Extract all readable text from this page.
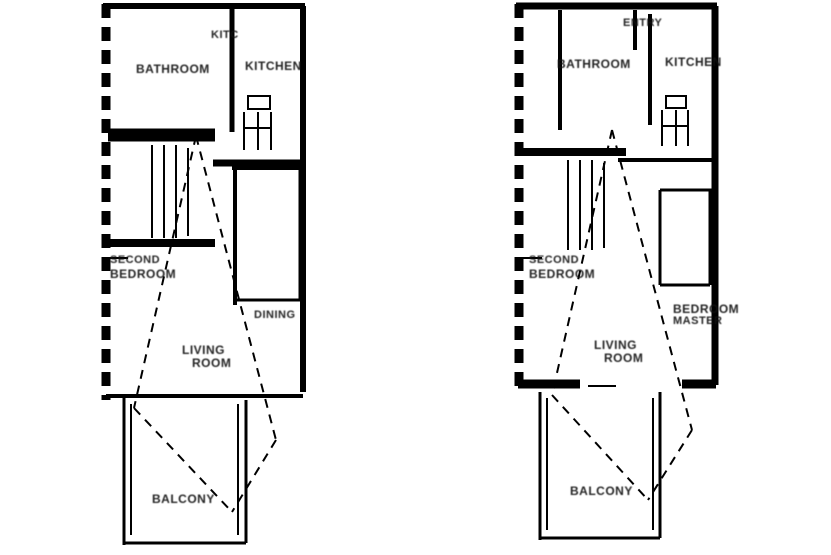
KITC
BATHROOM	KITCHEN
SECOND
BEDROOM
DINING
LIVING
ROOM
BALCONY
ENTRY
BATHROOM	KITCHEN
SECOND
BEDROOM
BEDROOM
MASTER
LIVING
ROOM
BALCONY
